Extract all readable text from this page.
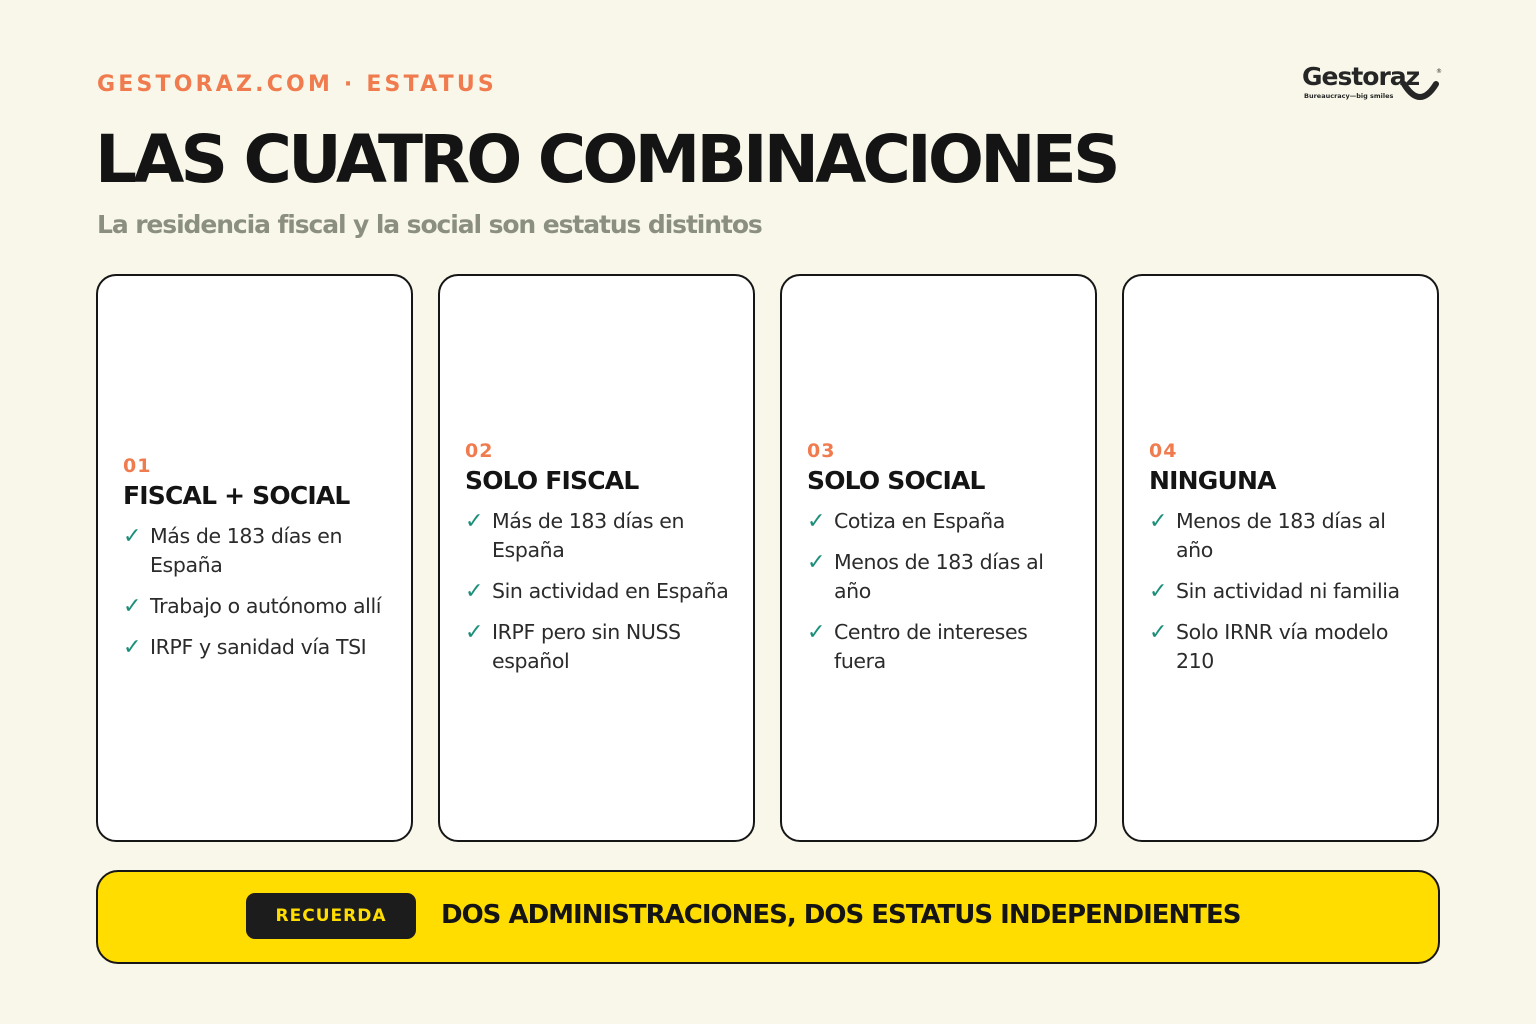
GESTORAZ.COM · ESTATUS	Gestoraz	®
Bureaucracy—big smiles
LAS CUATRO COMBINACIONES
La residencia fiscal y la social son estatus distintos
01
FISCAL + SOCIAL
✓ Más de 183 días en España
✓ Trabajo o autónomo allí
✓ IRPF y sanidad vía TSI
02
SOLO FISCAL
✓ Más de 183 días en España
✓ Sin actividad en España
✓ IRPF pero sin NUSS español
03
SOLO SOCIAL
✓ Cotiza en España
✓ Menos de 183 días al año
✓ Centro de intereses fuera
04
NINGUNA
✓ Menos de 183 días al año
✓ Sin actividad ni familia
✓ Solo IRNR vía modelo 210
RECUERDA	DOS ADMINISTRACIONES, DOS ESTATUS INDEPENDIENTES
